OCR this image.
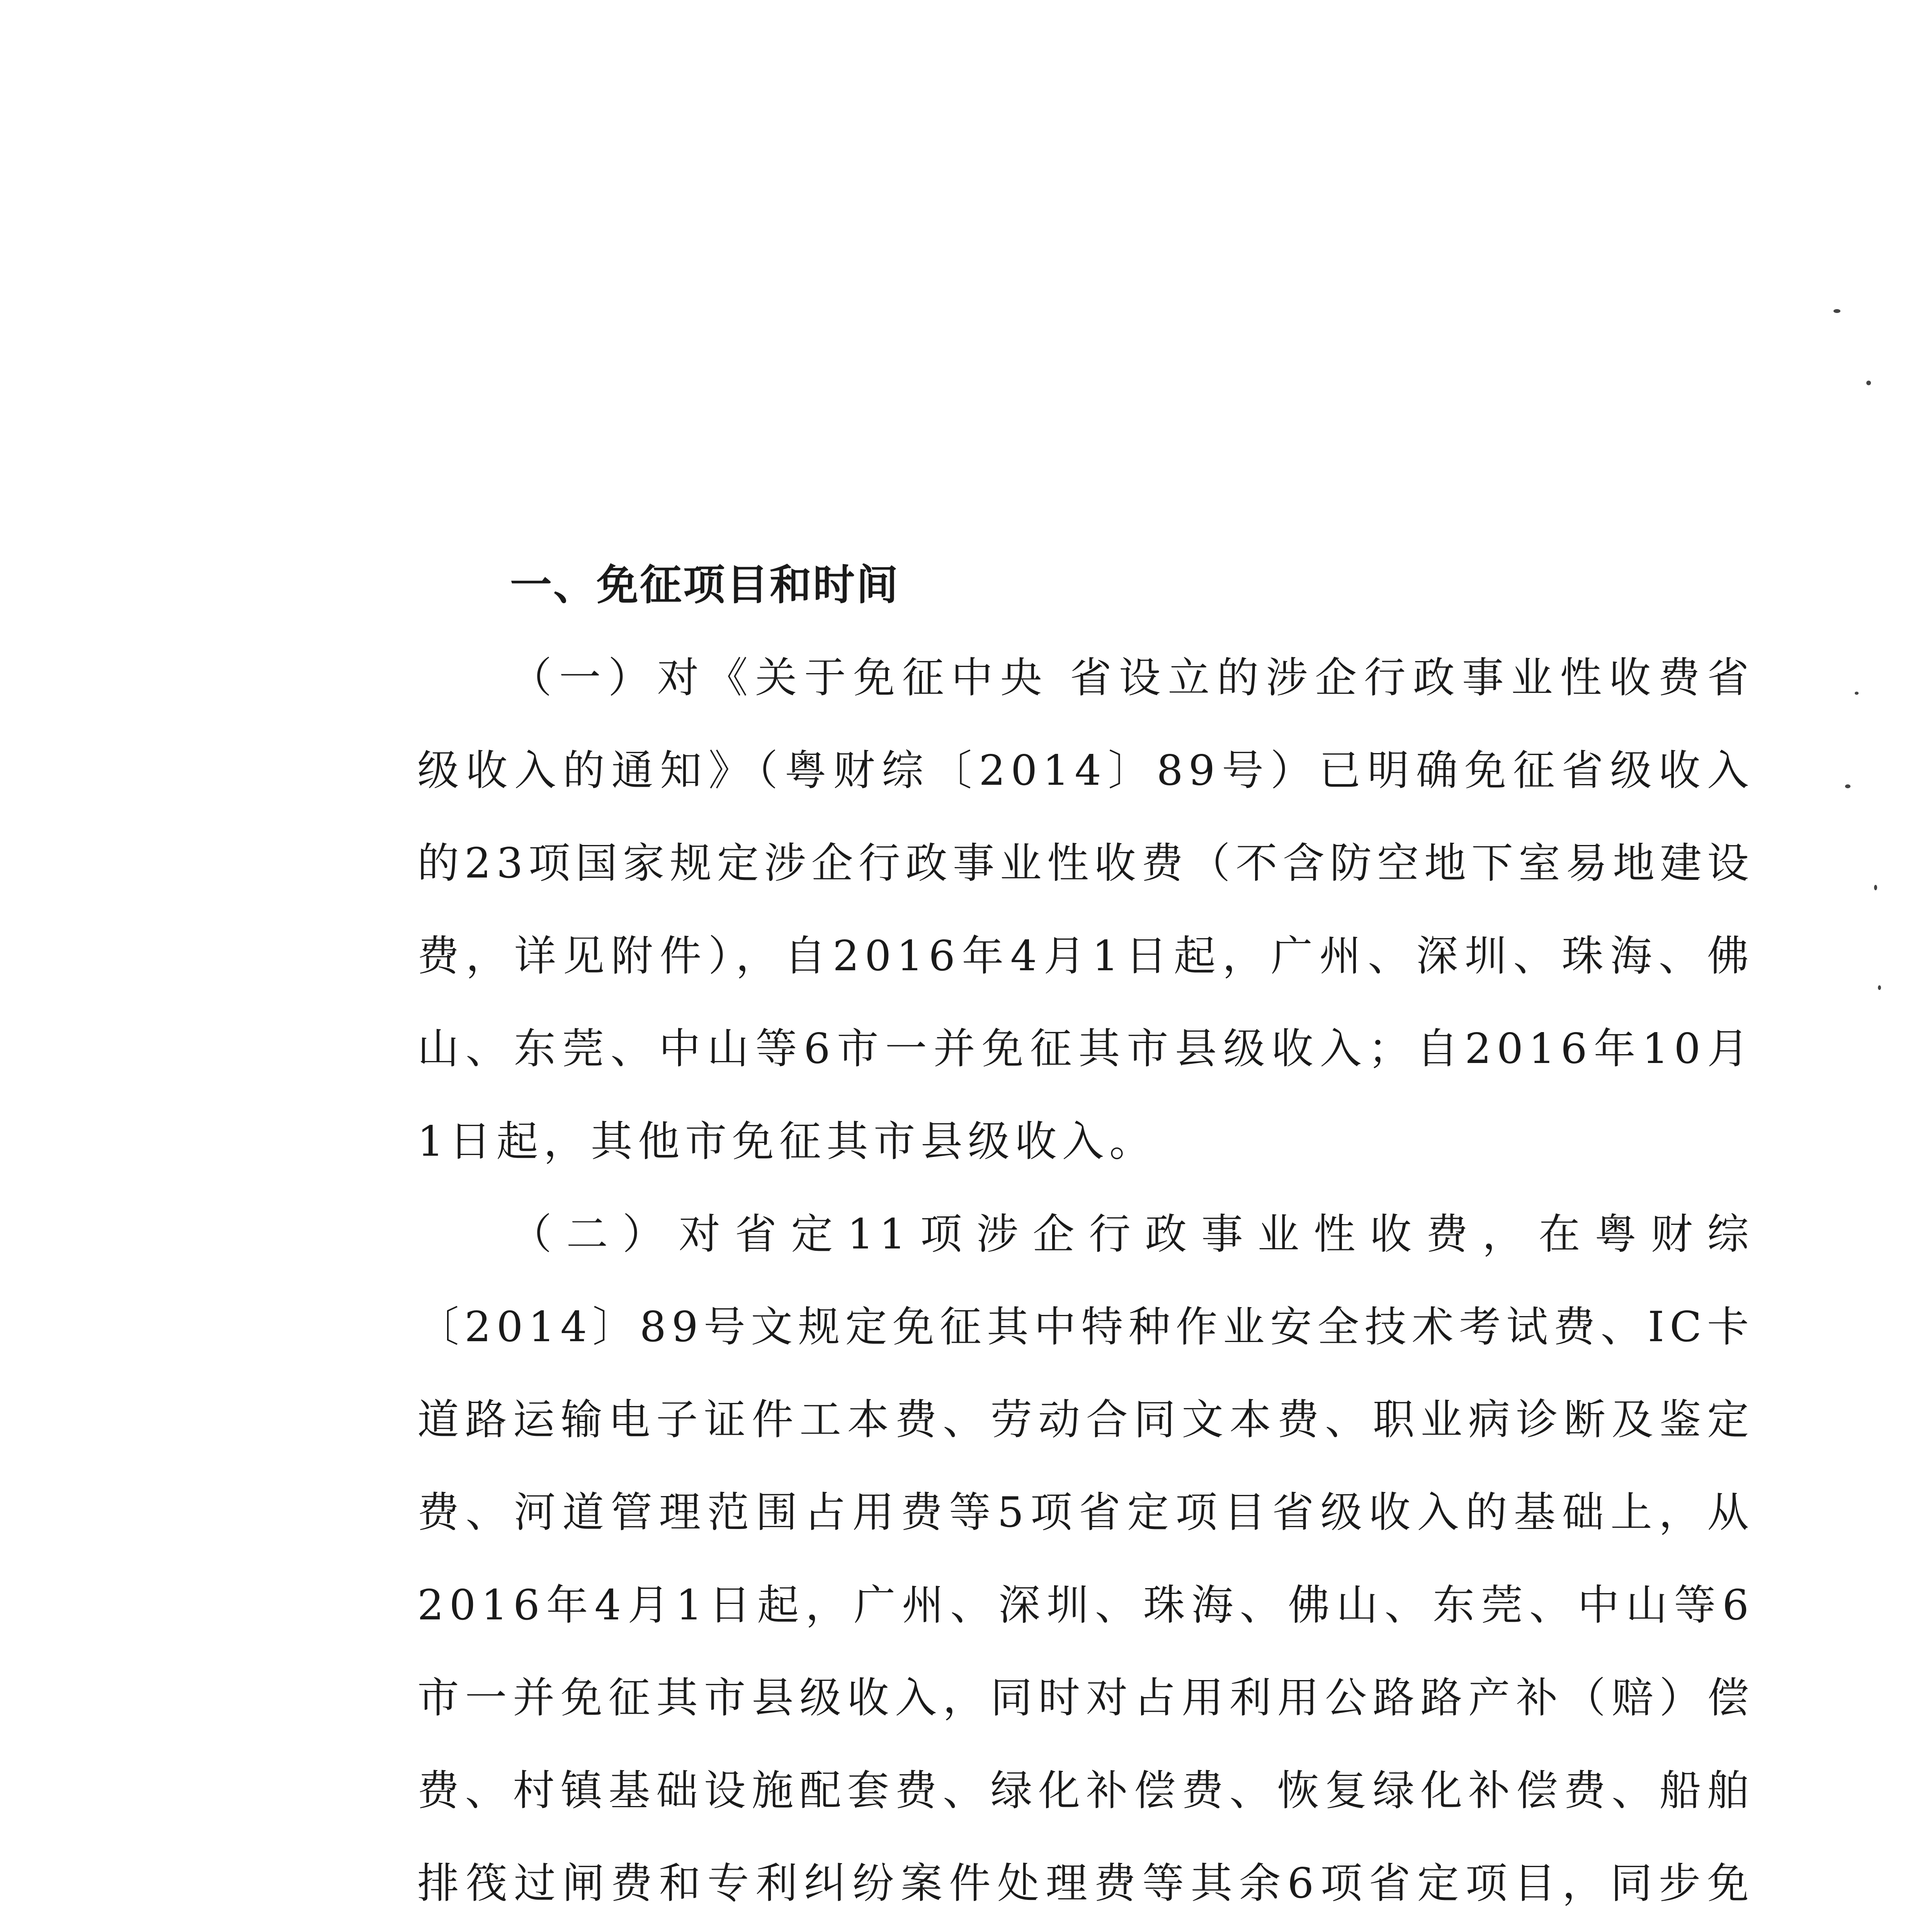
一、免征项目和时间

（一）对《关于免征中央 省设立的涉企行政事业性收费省级收入的通知》（粤财综〔2014〕89号）已明确免征省级收入的23项国家规定涉企行政事业性收费（不含防空地下室易地建设费，详见附件），自2016年4月1日起，广州、深圳、珠海、佛山、东莞、中山等6市一并免征其市县级收入；自2016年10月1日起，其他市免征其市县级收入。

（二）对省定11项涉企行政事业性收费，在粤财综〔2014〕89号文规定免征其中特种作业安全技术考试费、IC卡道路运输电子证件工本费、劳动合同文本费、职业病诊断及鉴定费、河道管理范围占用费等5项省定项目省级收入的基础上，从2016年4月1日起，广州、深圳、珠海、佛山、东莞、中山等6市一并免征其市县级收入，同时对占用利用公路路产补（赔）偿费、村镇基础设施配套费、绿化补偿费、恢复绿化补偿费、船舶排筏过闸费和专利纠纷案件处理费等其余6项省定项目，同步免
